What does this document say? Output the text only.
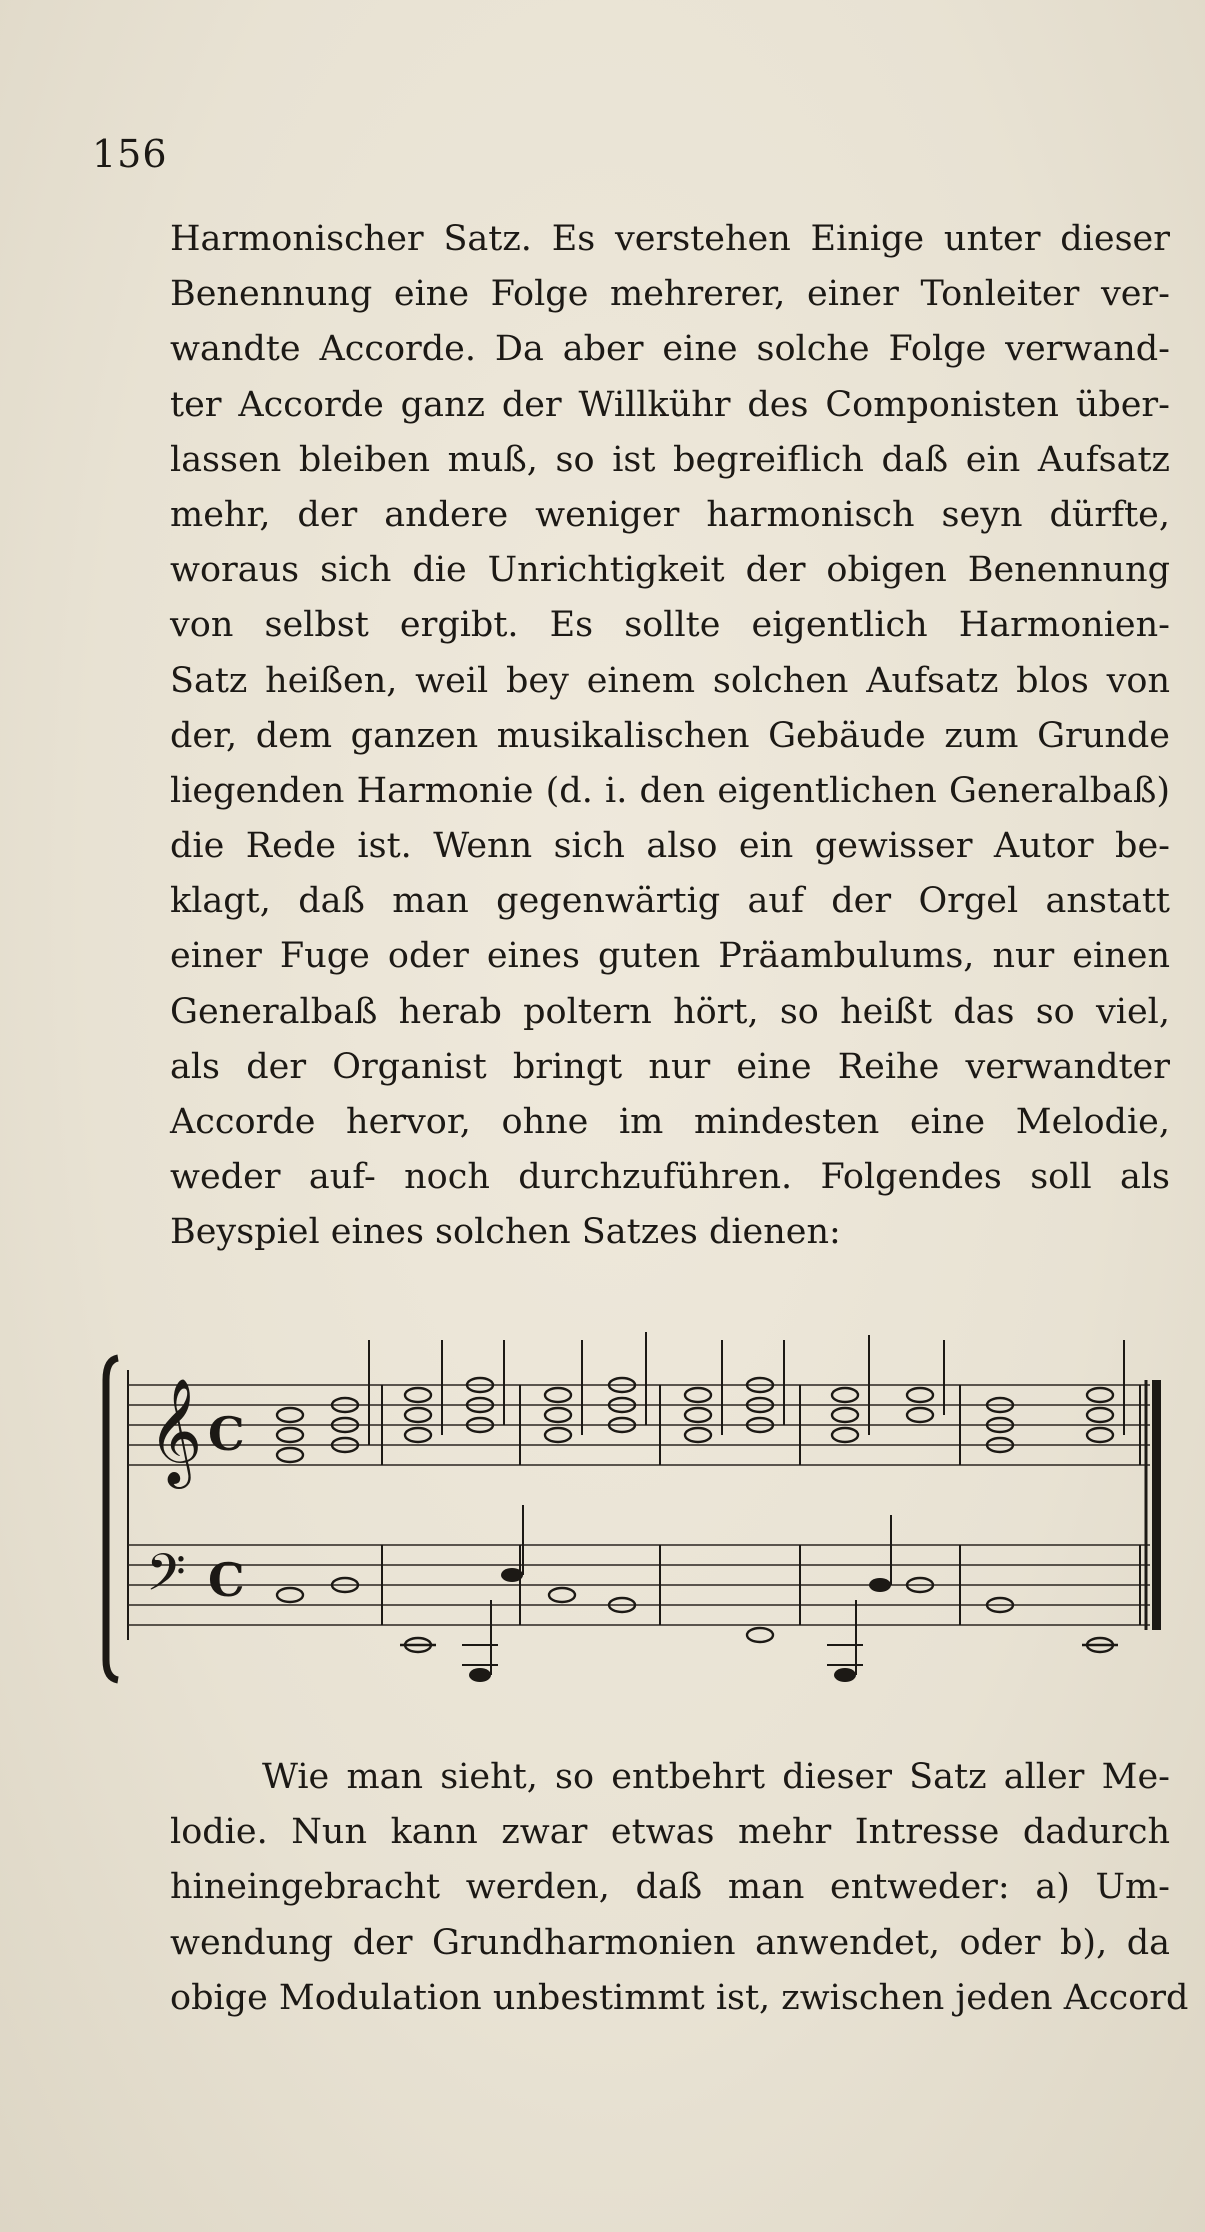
156
Harmonischer Satz. Es verstehen Einige unter dieser
Benennung eine Folge mehrerer, einer Tonleiter ver-
wandte Accorde. Da aber eine solche Folge verwand-
ter Accorde ganz der Willkühr des Componisten über-
lassen bleiben muß, so ist begreiflich daß ein Aufsatz
mehr, der andere weniger harmonisch seyn dürfte,
woraus sich die Unrichtigkeit der obigen Benennung
von selbst ergibt. Es sollte eigentlich Harmonien-
Satz heißen, weil bey einem solchen Aufsatz blos von
der, dem ganzen musikalischen Gebäude zum Grunde
liegenden Harmonie (d. i. den eigentlichen Generalbaß)
die Rede ist. Wenn sich also ein gewisser Autor be-
klagt, daß man gegenwärtig auf der Orgel anstatt
einer Fuge oder eines guten Präambulums, nur einen
Generalbaß herab poltern hört, so heißt das so viel,
als der Organist bringt nur eine Reihe verwandter
Accorde hervor, ohne im mindesten eine Melodie,
weder auf- noch durchzuführen. Folgendes soll als
Beyspiel eines solchen Satzes dienen:
𝄞 C
𝄢 C
Wie man sieht, so entbehrt dieser Satz aller Me-
lodie. Nun kann zwar etwas mehr Intresse dadurch
hineingebracht werden, daß man entweder: a) Um-
wendung der Grundharmonien anwendet, oder b), da
obige Modulation unbestimmt ist, zwischen jeden Accord
